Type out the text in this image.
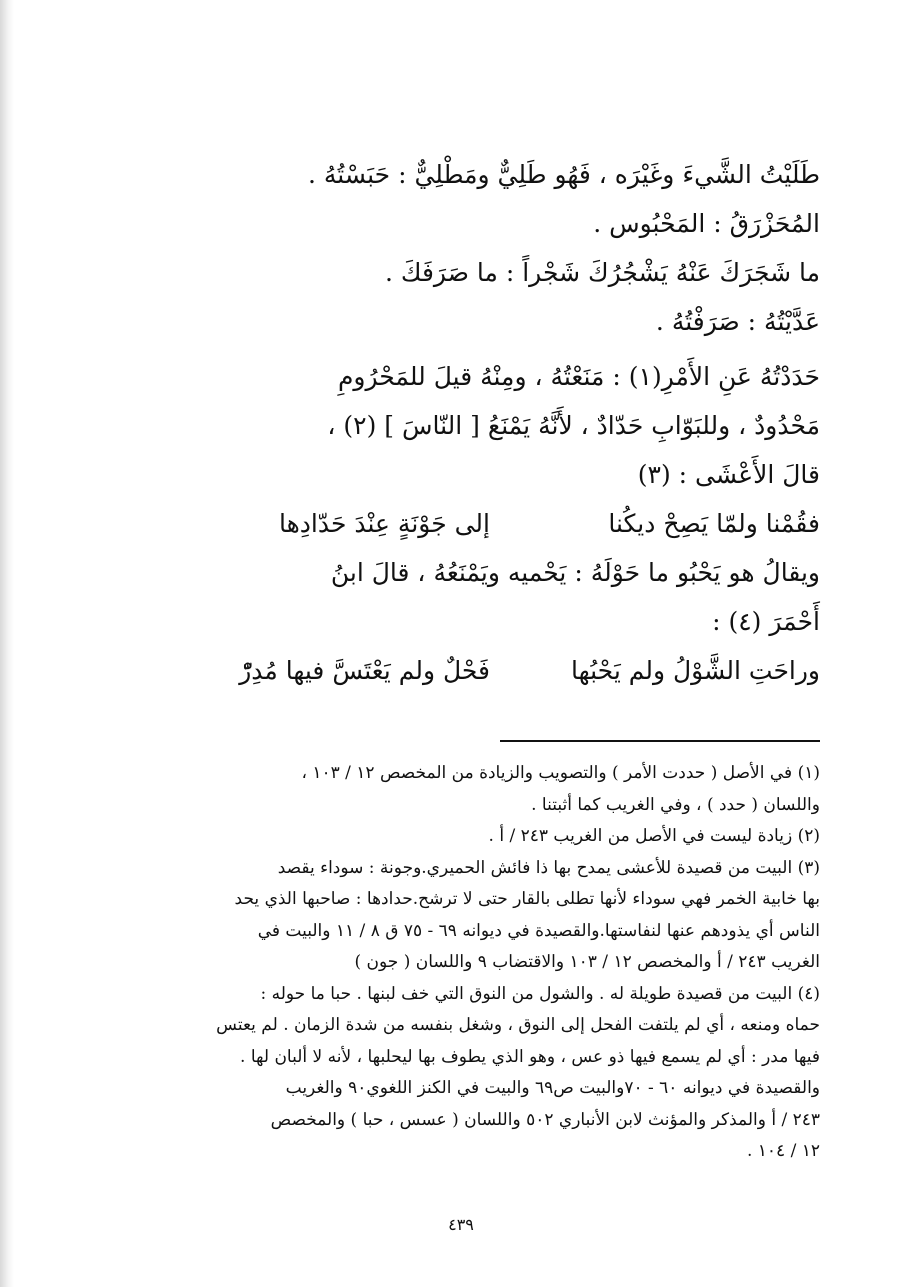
طَلَيْتُ الشَّيءَ وغَيْرَه ، فَهُو طَلِيٌّ ومَطْلِيٌّ : حَبَسْتُهُ .

المُحَزْرَقُ : المَحْبُوس .

ما شَجَرَكَ عَنْهُ يَشْجُرُكَ شَجْراً : ما صَرَفَكَ .

عَدَّيْتُهُ : صَرَفْتُهُ .

حَدَدْتُهُ عَنِ الأَمْرِ(١) : مَنَعْتُهُ ، ومِنْهُ قيلَ للمَحْرُومِ

مَحْدُودٌ ، وللبَوّابِ حَدّادٌ ، لأَنَّهُ يَمْنَعُ [ النّاسَ ] (٢) ،

قالَ الأَعْشَى : (٣)

فقُمْنا ولمّا يَصِحْ ديكُنا
إلى جَوْنَةٍ عِنْدَ حَدّادِها

ويقالُ هو يَحْبُو ما حَوْلَهُ : يَحْميه ويَمْنَعُهُ ، قالَ ابنُ

أَحْمَرَ (٤) :

وراحَتِ الشَّوْلُ ولم يَحْبُها
فَحْلٌ ولم يَعْتَسَّ فيها مُدِرّْ

(١) في الأصل ( حددت الأمر ) والتصويب والزيادة من المخصص ١٢ / ١٠٣ ،

واللسان ( حدد ) ، وفي الغريب كما أثبتنا .

(٢) زيادة ليست في الأصل من الغريب ٢٤٣ / أ .

(٣) البيت من قصيدة للأعشى يمدح بها ذا فائش الحميري.وجونة : سوداء يقصد

بها خابية الخمر فهي سوداء لأنها تطلى بالقار حتى لا ترشح.حدادها : صاحبها الذي يحد

الناس أي يذودهم عنها لنفاستها.والقصيدة في ديوانه ٦٩ - ٧٥ ق ٨ / ١١ والبيت في

الغريب ٢٤٣ / أ والمخصص ١٢ / ١٠٣ والاقتضاب ٩ واللسان ( جون )

(٤) البيت من قصيدة طويلة له . والشول من النوق التي خف لبنها . حبا ما حوله :

حماه ومنعه ، أي لم يلتفت الفحل إلى النوق ، وشغل بنفسه من شدة الزمان . لم يعتس

فيها مدر : أي لم يسمع فيها ذو عس ، وهو الذي يطوف بها ليحلبها ، لأنه لا ألبان لها .

والقصيدة في ديوانه ٦٠ - ٧٠والبيت ص٦٩ والبيت في الكنز اللغوي٩٠ والغريب

٢٤٣ / أ والمذكر والمؤنث لابن الأنباري ٥٠٢ واللسان ( عسس ، حبا ) والمخصص

١٢ / ١٠٤ .

٤٣٩
